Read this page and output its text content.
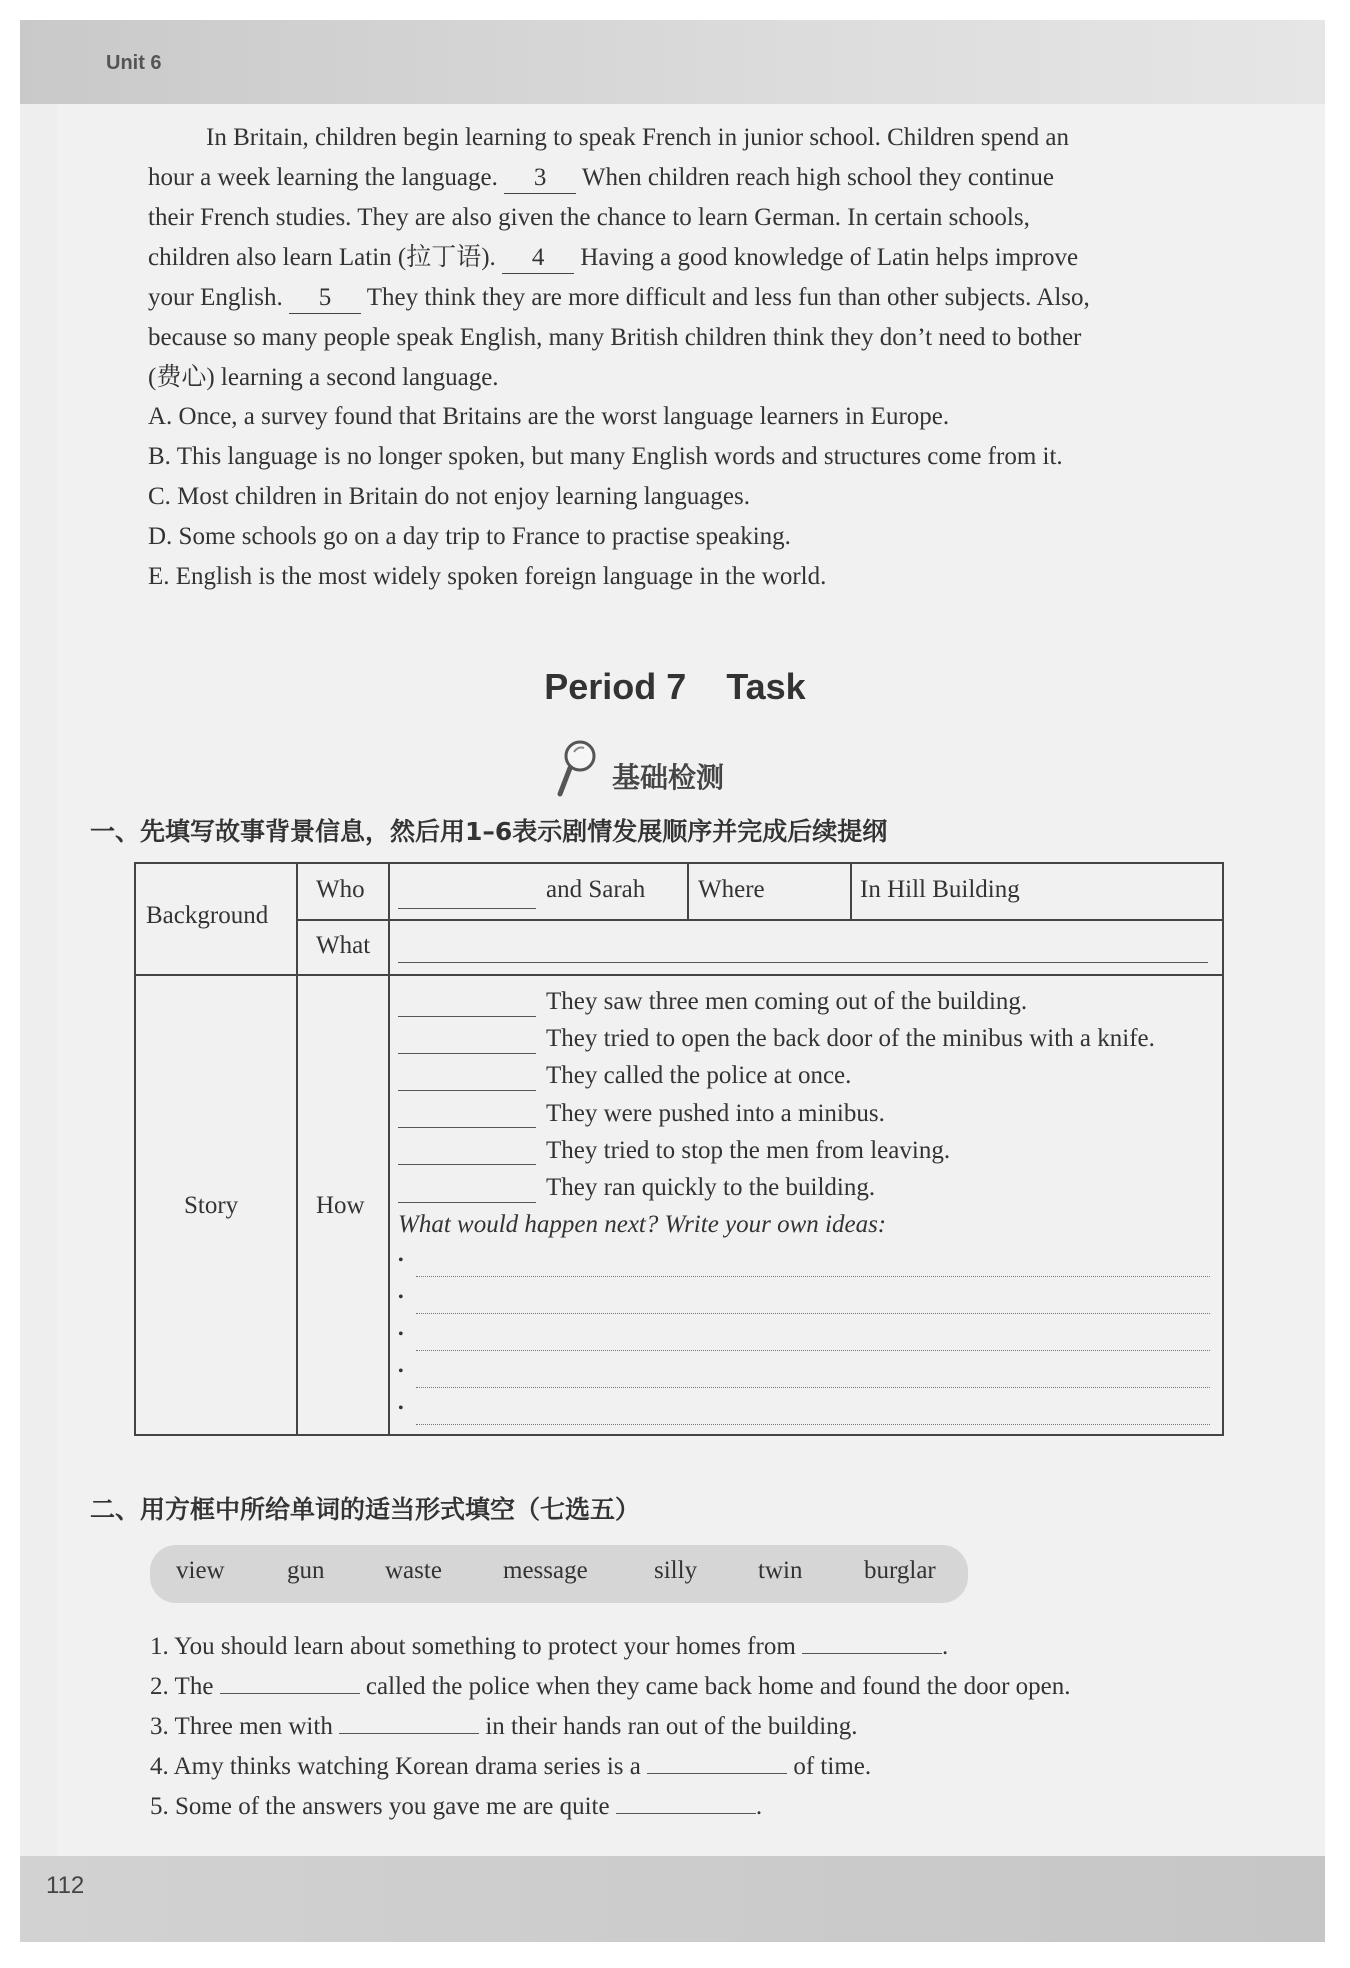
Unit 6
112

In Britain, children begin learning to speak French in junior school. Children spend an

hour a week learning the language. 3 When children reach high school they continue

their French studies. They are also given the chance to learn German. In certain schools,

children also learn Latin (拉丁语). 4 Having a good knowledge of Latin helps improve

your English. 5 They think they are more difficult and less fun than other subjects. Also,

because so many people speak English, many British children think they don’t need to bother

(费心) learning a second language.

A. Once, a survey found that Britains are the worst language learners in Europe.
B. This language is no longer spoken, but many English words and structures come from it.
C. Most children in Britain do not enjoy learning languages.
D. Some schools go on a day trip to France to practise speaking.
E. English is the most widely spoken foreign language in the world.
Period 7    Task
基础检测
一、先填写故事背景信息，然后用1–6表示剧情发展顺序并完成后续提纲
Background
Who	and Sarah Where	In Hill Building
What
Story	How
They saw three men coming out of the building.
They tried to open the back door of the minibus with a knife.
They called the police at once.
They were pushed into a minibus.
They tried to stop the men from leaving.
They ran quickly to the building.
What would happen next? Write your own ideas:
•
•
•
•
•
二、用方框中所给单词的适当形式填空（七选五）
view gun waste message	silly twin burglar
1. You should learn about something to protect your homes from	.
2. The	called the police when they came back home and found the door open.
3. Three men with	in their hands ran out of the building.
4. Amy thinks watching Korean drama series is a	of time.
5. Some of the answers you gave me are quite	.
